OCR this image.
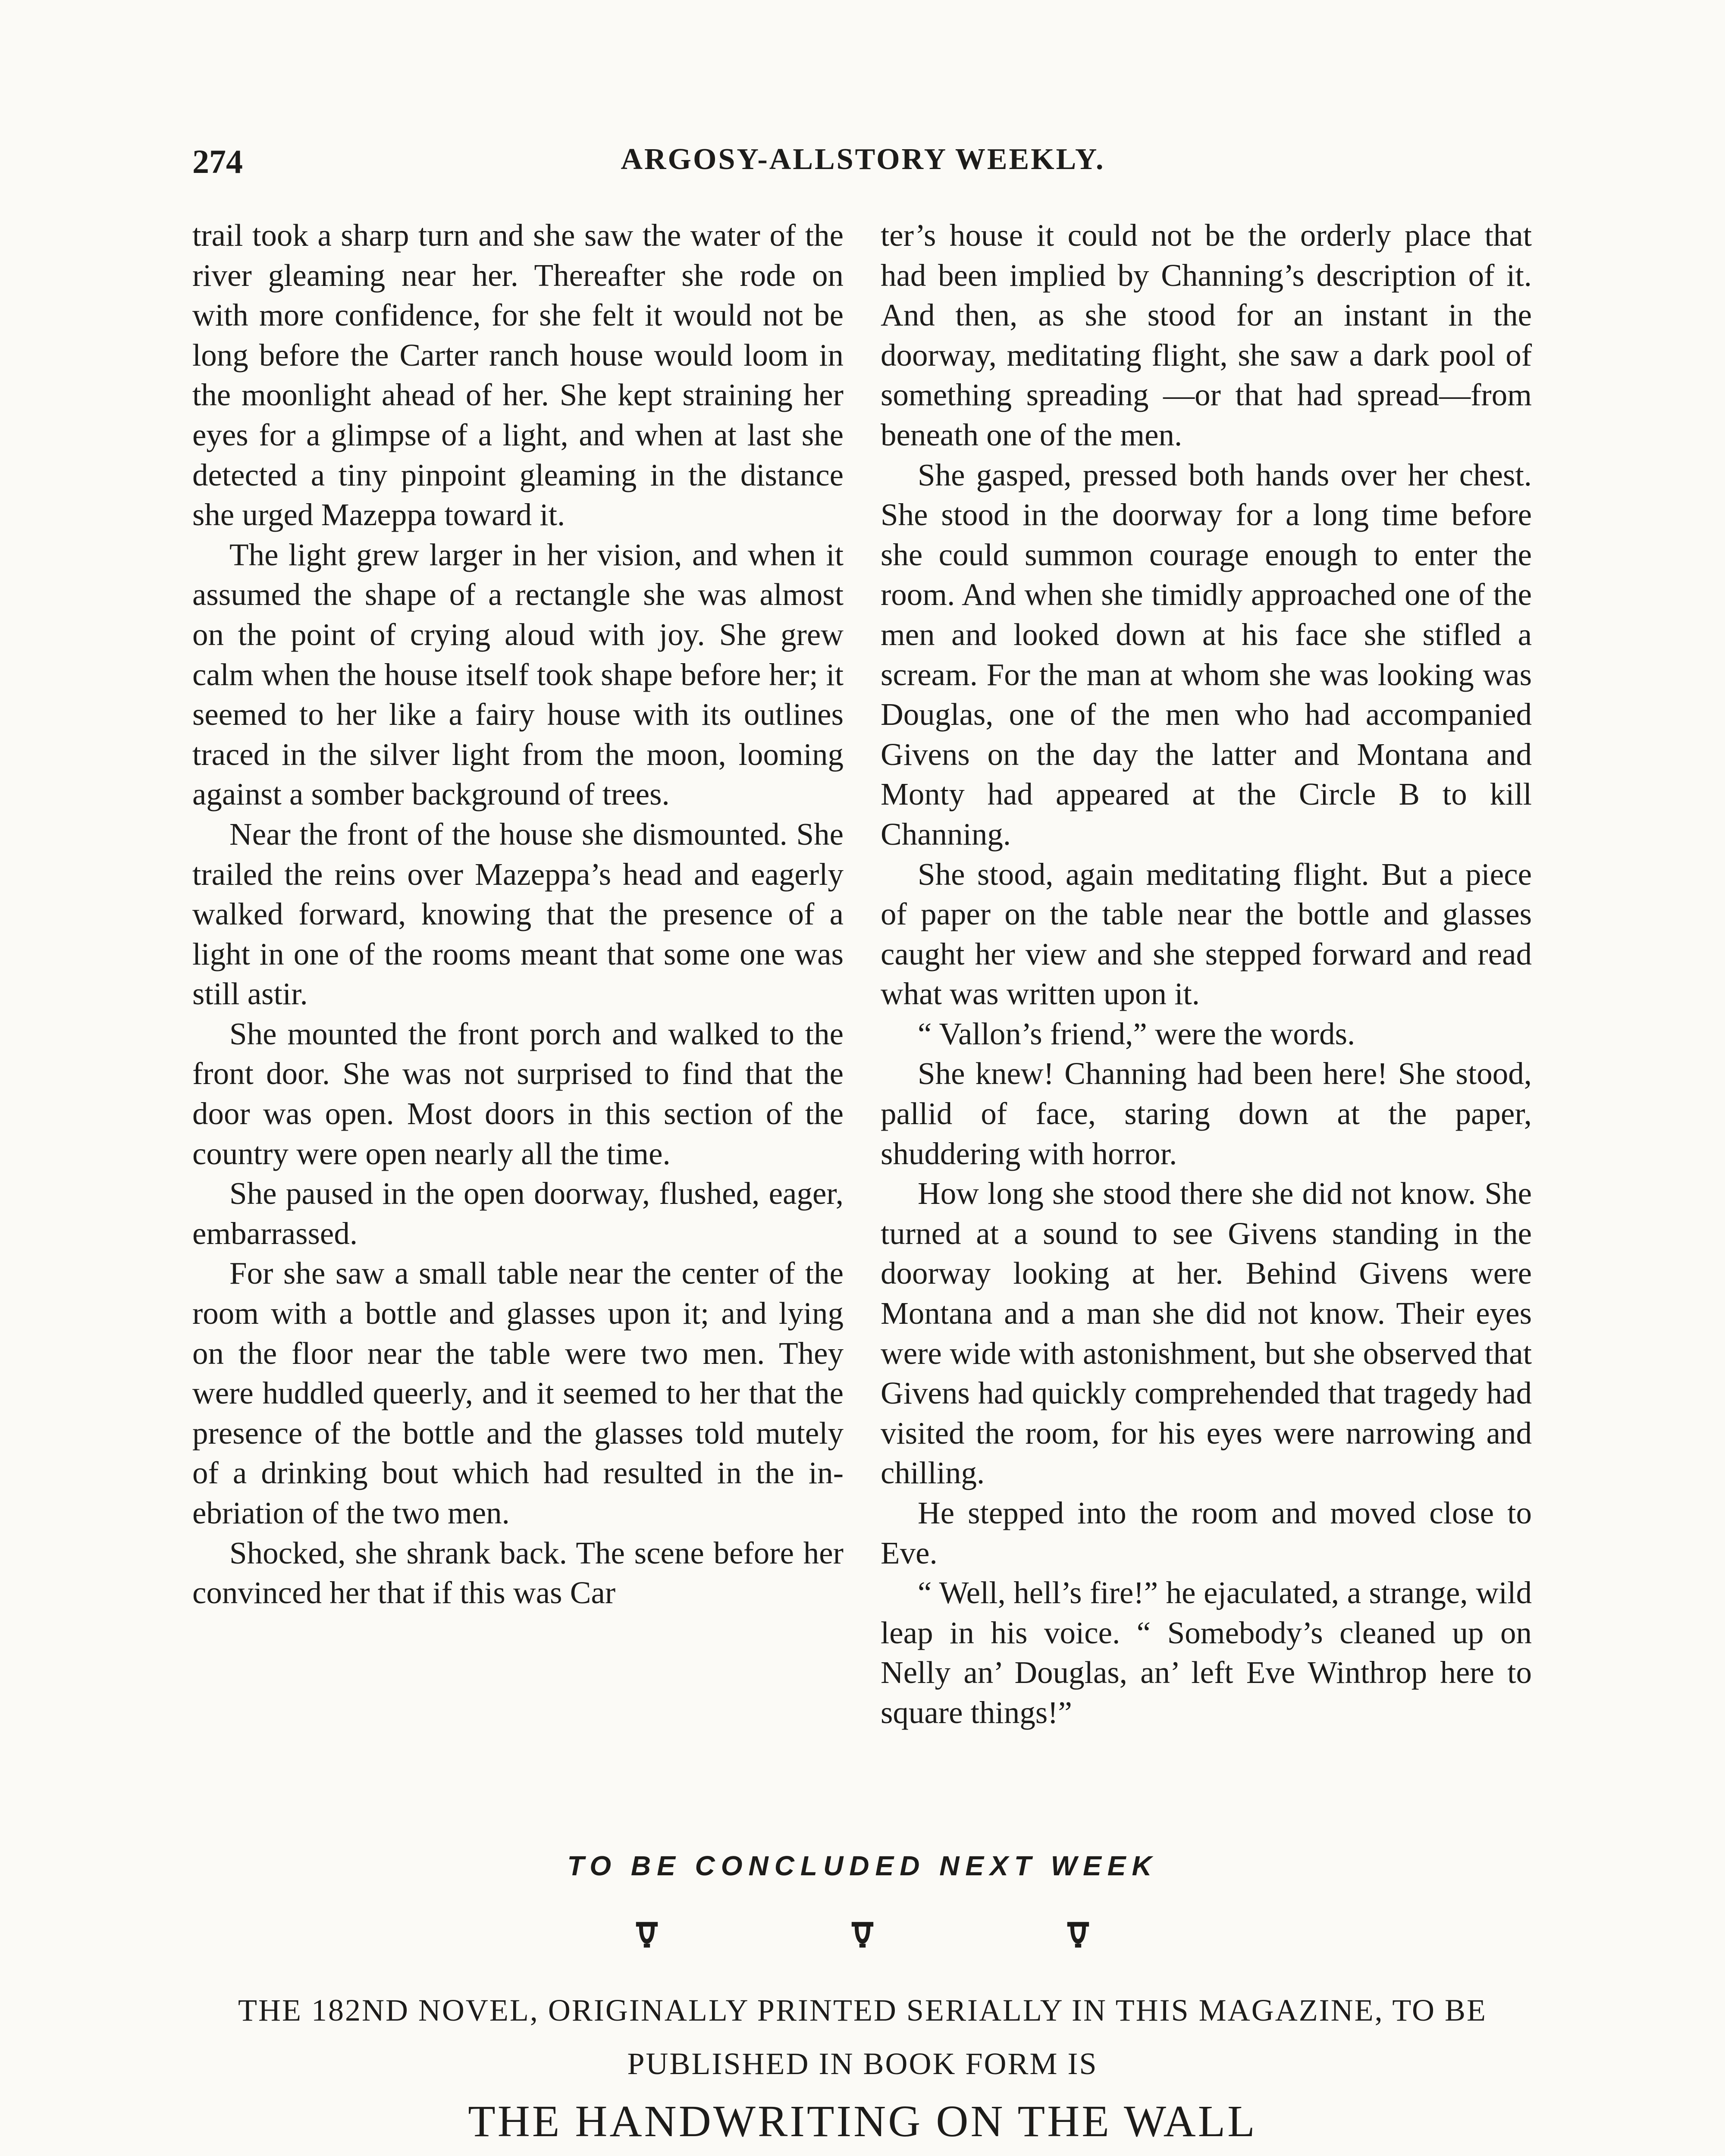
274	ARGOSY-ALLSTORY WEEKLY.

trail took a sharp turn and she saw the water of the river gleaming near her. Thereafter she rode on with more confidence, for she felt it would not be long before the Carter ranch house would loom in the moonlight ahead of her. She kept straining her eyes for a glimpse of a light, and when at last she detected a tiny pinpoint gleaming in the distance she urged Mazeppa toward it.

The light grew larger in her vision, and when it assumed the shape of a rectangle she was almost on the point of crying aloud with joy. She grew calm when the house itself took shape before her; it seemed to her like a fairy house with its outlines traced in the silver light from the moon, looming against a somber background of trees.

Near the front of the house she dismounted. She trailed the reins over Mazeppa’s head and eagerly walked forward, knowing that the presence of a light in one of the rooms meant that some one was still astir.

She mounted the front porch and walked to the front door. She was not surprised to find that the door was open. Most doors in this section of the country were open nearly all the time.

She paused in the open doorway, flushed, eager, embarrassed.

For she saw a small table near the center of the room with a bottle and glasses upon it; and lying on the floor near the table were two men. They were huddled queerly, and it seemed to her that the presence of the bottle and the glasses told mutely of a drinking bout which had resulted in the inebriation of the two men.

Shocked, she shrank back. The scene before her convinced her that if this was Car

ter’s house it could not be the orderly place that had been implied by Channing’s description of it. And then, as she stood for an instant in the doorway, meditating flight, she saw a dark pool of something spreading —or that had spread—from beneath one of the men.

She gasped, pressed both hands over her chest. She stood in the doorway for a long time before she could summon courage enough to enter the room. And when she timidly approached one of the men and looked down at his face she stifled a scream. For the man at whom she was looking was Douglas, one of the men who had accompanied Givens on the day the latter and Montana and Monty had appeared at the Circle B to kill Channing.

She stood, again meditating flight. But a piece of paper on the table near the bottle and glasses caught her view and she stepped forward and read what was written upon it.

“ Vallon’s friend,” were the words.

She knew! Channing had been here! She stood, pallid of face, staring down at the paper, shuddering with horror.

How long she stood there she did not know. She turned at a sound to see Givens standing in the doorway looking at her. Behind Givens were Montana and a man she did not know. Their eyes were wide with astonishment, but she observed that Givens had quickly comprehended that tragedy had visited the room, for his eyes were narrowing and chilling.

He stepped into the room and moved close to Eve.

“ Well, hell’s fire!” he ejaculated, a strange, wild leap in his voice. “ Somebody’s cleaned up on Nelly an’ Douglas, an’ left Eve Winthrop here to square things!”

TO BE CONCLUDED NEXT WEEK
THE 182ND NOVEL, ORIGINALLY PRINTED SERIALLY IN THIS MAGAZINE, TO BE PUBLISHED IN BOOK FORM IS
THE HANDWRITING ON THE WALL
